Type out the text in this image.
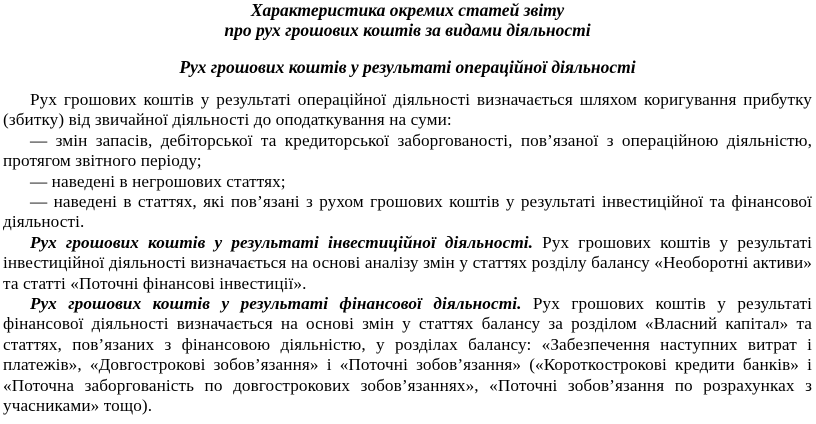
Характеристика окремих статей звіту
про рух грошових коштів за видами діяльності
Рух грошових коштів у результаті операційної діяльності

Рух грошових коштів у результаті операційної діяльності визначається шляхом коригування прибутку (збитку) від звичайної діяльності до оподаткування на суми:

— змін запасів, дебіторської та кредиторської заборгованості, пов’язаної з операційною діяльністю, протягом звітного періоду;

— наведені в негрошових статтях;

— наведені в статтях, які пов’язані з рухом грошових коштів у результаті інвестиційної та фінансової діяльності.

Рух грошових коштів у результаті інвестиційної діяльності. Рух грошових коштів у результаті інвестиційної діяльності визначається на основі аналізу змін у статтях розділу балансу «Необоротні активи» та статті «Поточні фінансові інвестиції».

Рух грошових коштів у результаті фінансової діяльності. Рух грошових коштів у результаті фінансової діяльності визначається на основі змін у статтях балансу за розділом «Власний капітал» та статтях, пов’язаних з фінансовою діяльністю, у розділах балансу: «Забезпечення наступних витрат і платежів», «Довгострокові зобов’язання» і «Поточні зобов’язання» («Короткострокові кредити банків» і «Поточна заборгованість по довгострокових зобов’язаннях», «Поточні зобов’язання по розрахунках з учасниками» тощо).
